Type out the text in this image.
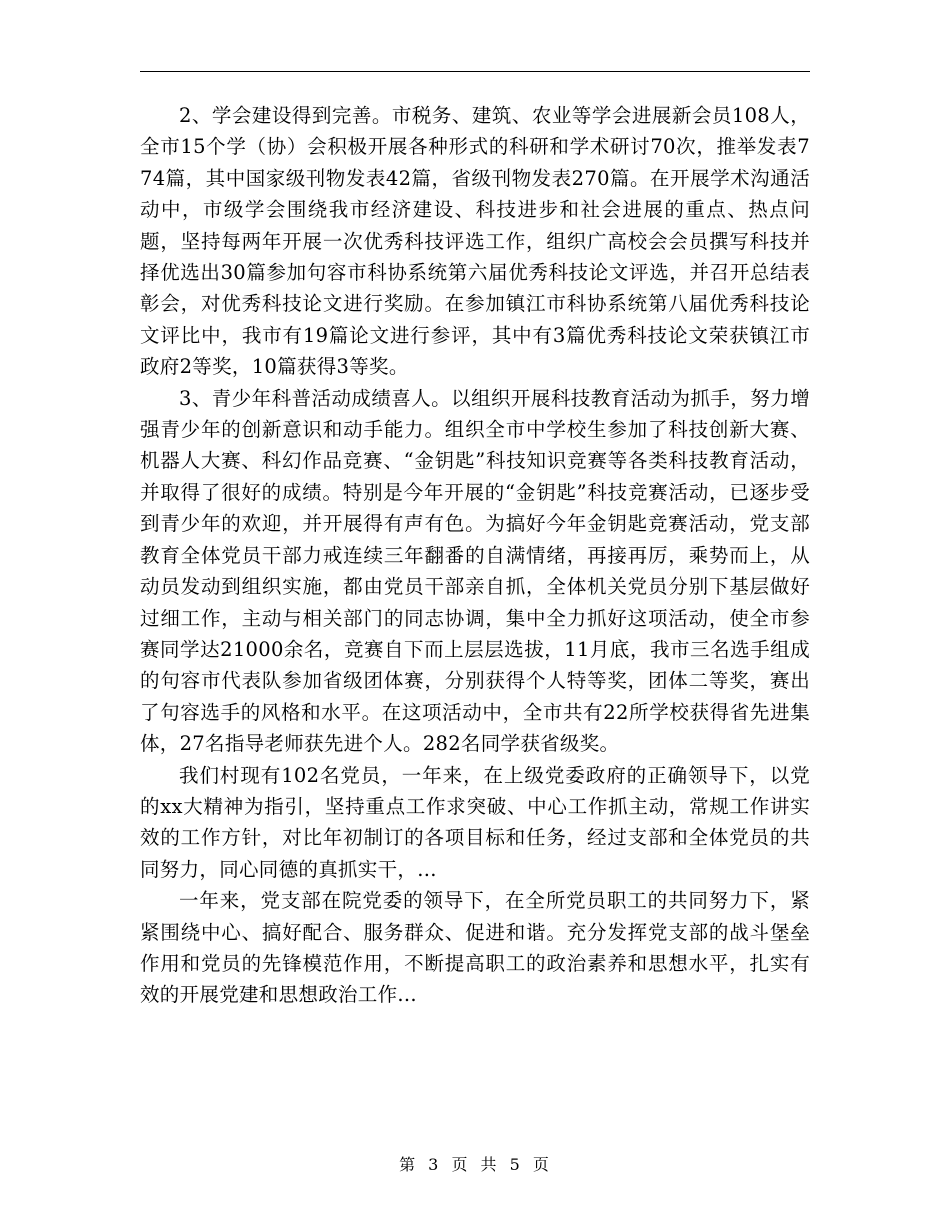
2、学会建设得到完善。市税务、建筑、农业等学会进展新会员108人，全市15个学（协）会积极开展各种形式的科研和学术研讨70次，推举发表774篇，其中国家级刊物发表42篇，省级刊物发表270篇。在开展学术沟通活动中，市级学会围绕我市经济建设、科技进步和社会进展的重点、热点问题，坚持每两年开展一次优秀科技评选工作，组织广高校会会员撰写科技并择优选出30篇参加句容市科协系统第六届优秀科技论文评选，并召开总结表彰会，对优秀科技论文进行奖励。在参加镇江市科协系统第八届优秀科技论文评比中，我市有19篇论文进行参评，其中有3篇优秀科技论文荣获镇江市政府2等奖，10篇获得3等奖。

3、青少年科普活动成绩喜人。以组织开展科技教育活动为抓手，努力增强青少年的创新意识和动手能力。组织全市中学校生参加了科技创新大赛、机器人大赛、科幻作品竞赛、“金钥匙”科技知识竞赛等各类科技教育活动，并取得了很好的成绩。特别是今年开展的“金钥匙”科技竞赛活动，已逐步受到青少年的欢迎，并开展得有声有色。为搞好今年金钥匙竞赛活动，党支部教育全体党员干部力戒连续三年翻番的自满情绪，再接再厉，乘势而上，从动员发动到组织实施，都由党员干部亲自抓，全体机关党员分别下基层做好过细工作，主动与相关部门的同志协调，集中全力抓好这项活动，使全市参赛同学达21000余名，竞赛自下而上层层选拔，11月底，我市三名选手组成的句容市代表队参加省级团体赛，分别获得个人特等奖，团体二等奖，赛出了句容选手的风格和水平。在这项活动中，全市共有22所学校获得省先进集体，27名指导老师获先进个人。282名同学获省级奖。

我们村现有102名党员，一年来，在上级党委政府的正确领导下，以党的xx大精神为指引，坚持重点工作求突破、中心工作抓主动，常规工作讲实效的工作方针，对比年初制订的各项目标和任务，经过支部和全体党员的共同努力，同心同德的真抓实干，...

一年来，党支部在院党委的领导下，在全所党员职工的共同努力下，紧紧围绕中心、搞好配合、服务群众、促进和谐。充分发挥党支部的战斗堡垒作用和党员的先锋模范作用，不断提高职工的政治素养和思想水平，扎实有效的开展党建和思想政治工作...

第 3 页 共 5 页
